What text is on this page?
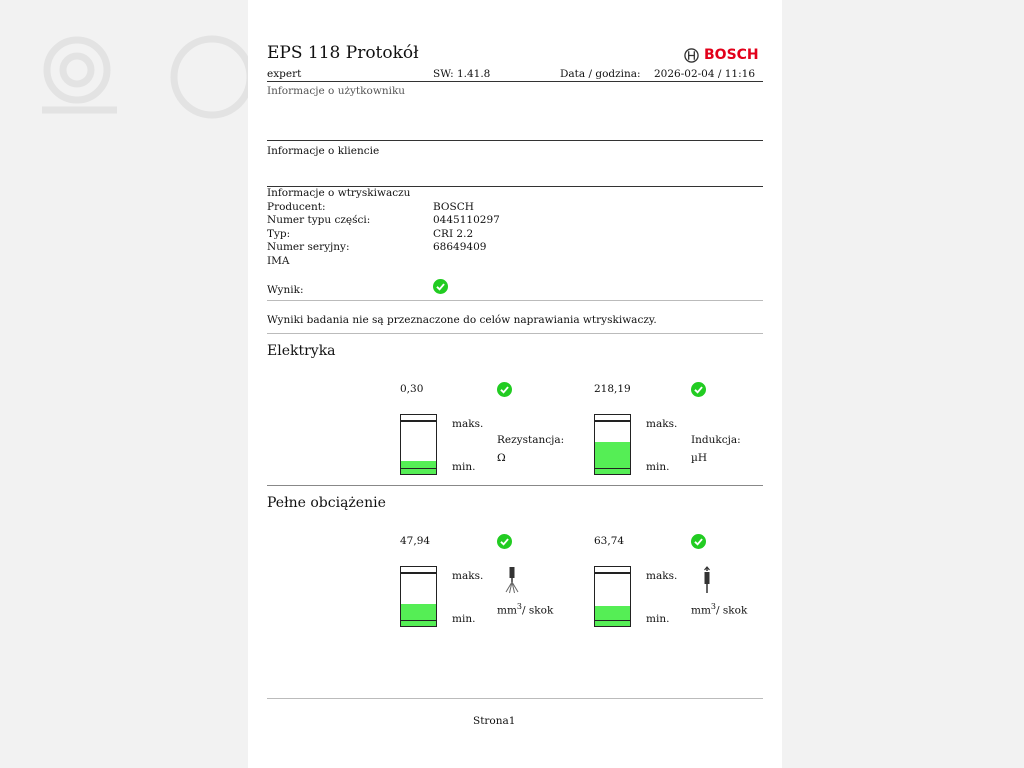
EPS 118 Protokół	BOSCH
expert	SW: 1.41.8	Data / godzina: 2026-02-04 / 11:16
Informacje o użytkowniku
Informacje o kliencie
Informacje o wtryskiwaczu
Producent:	BOSCH
Numer typu części:	0445110297
Typ:	CRI 2.2
Numer seryjny:	68649409
IMA
Wynik:
Wyniki badania nie są przeznaczone do celów naprawiania wtryskiwaczy.
Elektryka
0,30
maks.
min.
Rezystancja:
Ω
218,19
maks.
min.
Indukcja:
µH
Pełne obciążenie
47,94
maks.
min.
$mm^3/$ skok
63,74
maks.
min.
$mm^3/$ skok
Strona1
